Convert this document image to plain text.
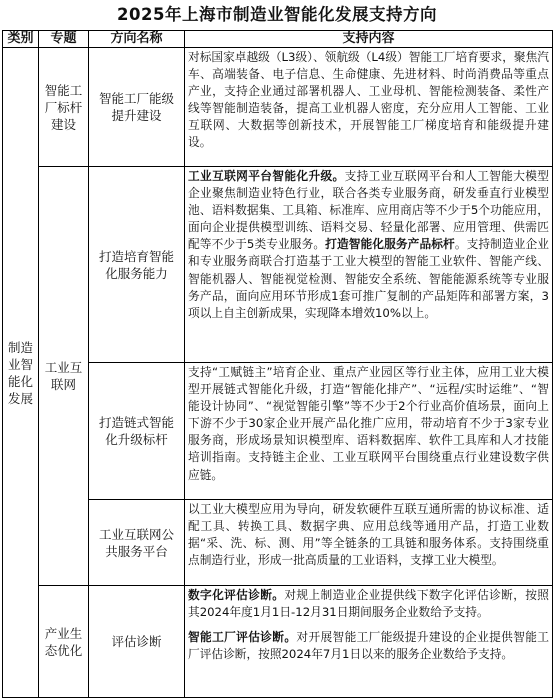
2025年上海市制造业智能化发展支持方向
类别	专题	方向名称	支持内容
制造业智能化发展	智能工厂标杆建设	智能工厂能级提升建设	对标国家卓越级（L3级）、领航级（L4级）智能工厂培育要求，聚焦汽车、高端装备、电子信息、生命健康、先进材料、时尚消费品等重点产业，支持企业通过部署机器人、工业母机、智能检测装备、柔性产线等智能制造装备，提高工业机器人密度，充分应用人工智能、工业互联网、大数据等创新技术，开展智能工厂梯度培育和能级提升建设。
	工业互联网	打造培育智能化服务能力	工业互联网平台智能化升级。支持工业互联网平台和人工智能大模型企业聚焦制造业特色行业，联合各类专业服务商，研发垂直行业模型池、语料数据集、工具箱、标准库、应用商店等不少于5个功能应用，面向企业提供模型训练、语料交易、轻量化部署、应用管理、供需匹配等不少于5类专业服务。打造智能化服务产品标杆。支持制造业企业和专业服务商联合打造基于工业大模型的智能工业软件、智能产线、智能机器人、智能视觉检测、智能安全系统、智能能源系统等专业服务产品，面向应用环节形成1套可推广复制的产品矩阵和部署方案，3项以上自主创新成果，实现降本增效10%以上。
		打造链式智能化升级标杆	支持“工赋链主”培育企业、重点产业园区等行业主体，应用工业大模型开展链式智能化升级，打造“智能化排产”、“远程/实时运维”、“智能设计协同”、“视觉智能引擎”等不少于2个行业高价值场景，面向上下游不少于30家企业开展产品化推广应用，带动培育不少于3家专业服务商，形成场景知识模型库、语料数据库、软件工具库和人才技能培训指南。支持链主企业、工业互联网平台围绕重点行业建设数字供应链。
		工业互联网公共服务平台	以工业大模型应用为导向，研发软硬件互联互通所需的协议标准、适配工具、转换工具、数据字典、应用总线等通用产品，打造工业数据“采、洗、标、测、用”等全链条的工具链和服务体系。支持围绕重点制造行业，形成一批高质量的工业语料，支撑工业大模型。
	产业生态优化	评估诊断	数字化评估诊断。对规上制造业企业提供线下数字化评估诊断，按照其2024年度1月1日-12月31日期间服务企业数给予支持。
智能工厂评估诊断。对开展智能工厂能级提升建设的企业提供智能工厂评估诊断，按照2024年7月1日以来的服务企业数给予支持。
